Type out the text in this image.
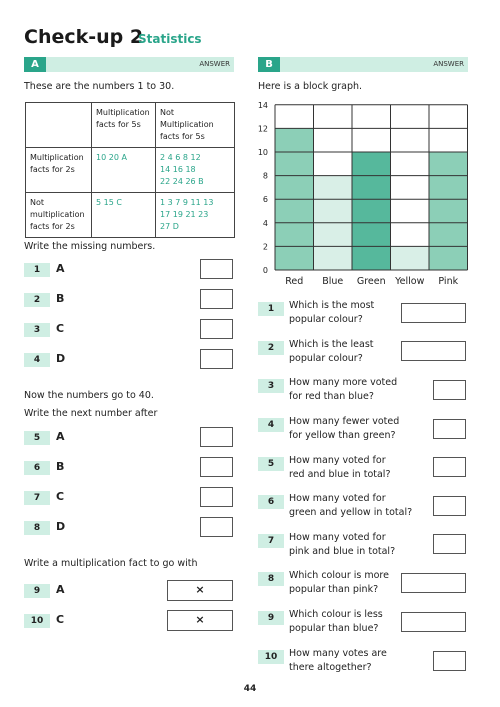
Check-up 2
Statistics
A	ANSWER	B	ANSWER
These are the numbers 1 to 30.
	Multiplication facts for 5s	Not Multiplication facts for 5s
Multiplication facts for 2s	10 20 A	2 4 6 8 12
14 16 18
22 24 26 B

Not multiplication facts for 2s	5 15 C	1 3 7 9 11 13
17 19 21 23
27 D
Write the missing numbers.
1	A
2	B
3	C
4	D
Now the numbers go to 40.
Write the next number after
5	A
6	B
7	C
8	D
Write a multiplication fact to go with
9	A	×
10	C	×
Here is a block graph.
0
2
4
6
8
10
12
14
Red Blue Green Yellow Pink
1	Which is the most
popular colour?
2	Which is the least
popular colour?
3	How many more voted
for red than blue?
4	How many fewer voted
for yellow than green?
5	How many voted for
red and blue in total?
6	How many voted for
green and yellow in total?
7	How many voted for
pink and blue in total?
8	Which colour is more
popular than pink?
9	Which colour is less
popular than blue?
10	How many votes are
there altogether?
44
